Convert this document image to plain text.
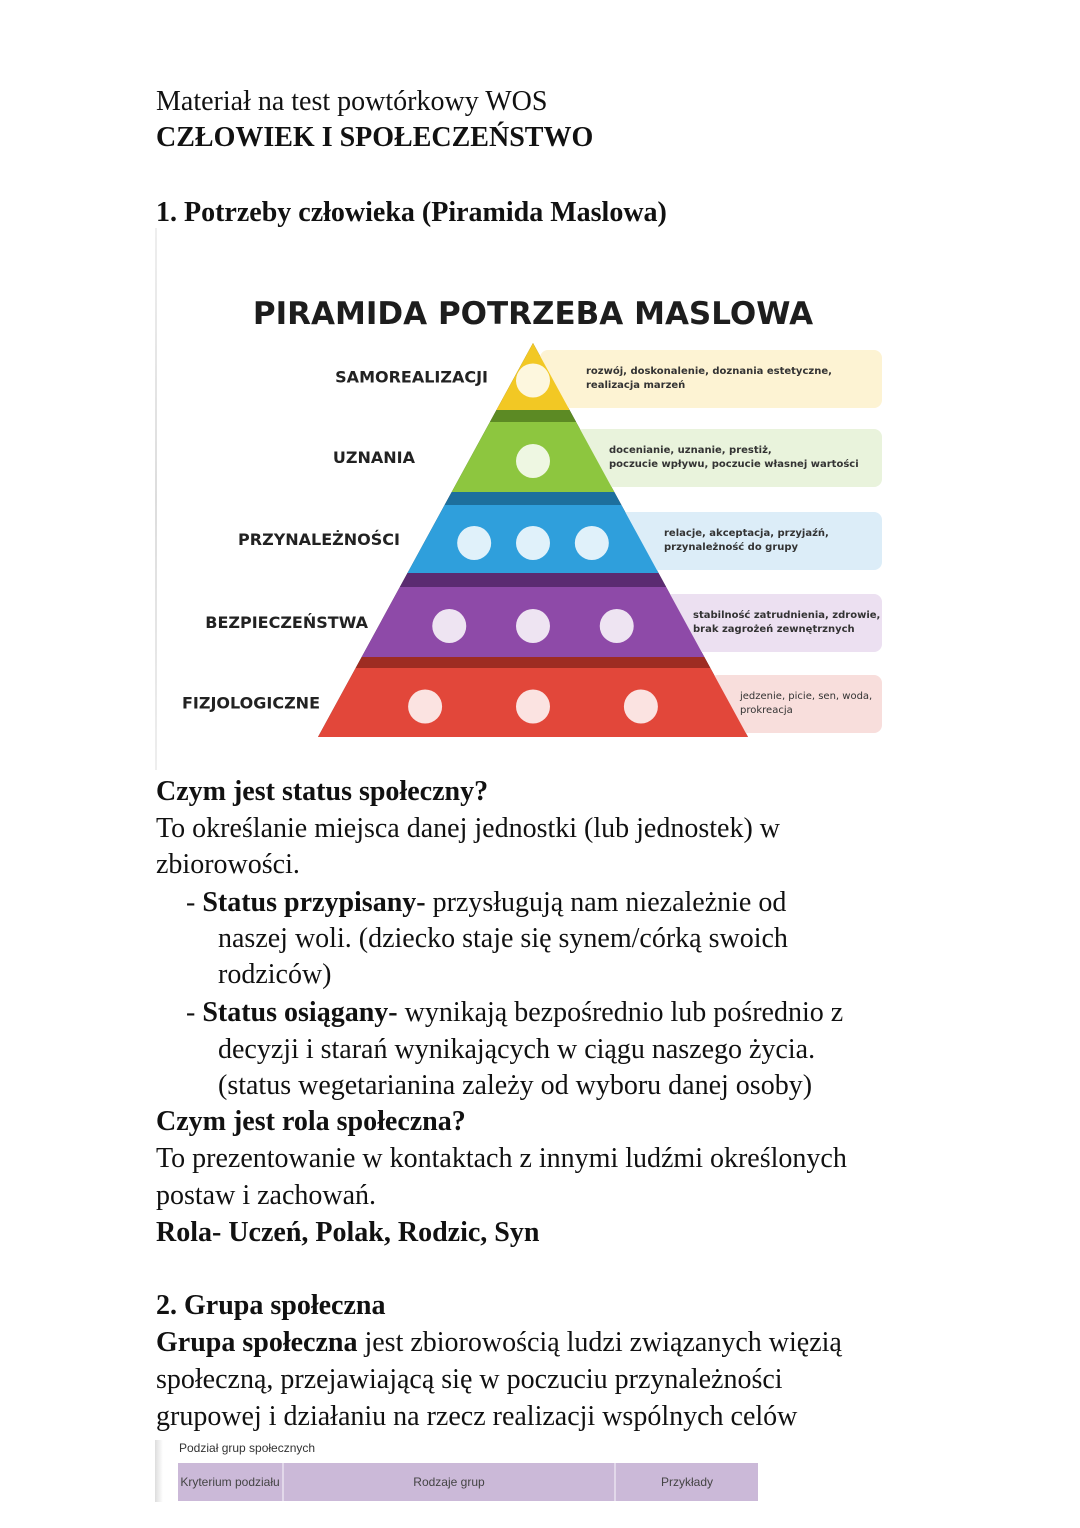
Materiał na test powtórkowy WOS
CZŁOWIEK I SPOŁECZEŃSTWO
1. Potrzeby człowieka (Piramida Maslowa)
PIRAMIDA POTRZEBA MASLOWA
SAMOREALIZACJI	rozwój, doskonalenie, doznania estetyczne,
realizacja marzeń
UZNANIA	docenianie, uznanie, prestiż,
poczucie wpływu, poczucie własnej wartości
PRZYNALEŻNOŚCI	relacje, akceptacja, przyjaźń,
przynależność do grupy
BEZPIECZEŃSTWA	stabilność zatrudnienia, zdrowie,
brak zagrożeń zewnętrznych
FIZJOLOGICZNE	jedzenie, picie, sen, woda,
prokreacja
Czym jest status społeczny?
To określanie miejsca danej jednostki (lub jednostek) w
zbiorowości.
- Status przypisany- przysługują nam niezależnie od
naszej woli. (dziecko staje się synem/córką swoich
rodziców)
- Status osiągany- wynikają bezpośrednio lub pośrednio z
decyzji i starań wynikających w ciągu naszego życia.
(status wegetarianina zależy od wyboru danej osoby)
Czym jest rola społeczna?
To prezentowanie w kontaktach z innymi ludźmi określonych
postaw i zachowań.
Rola- Uczeń, Polak, Rodzic, Syn
2. Grupa społeczna
Grupa społeczna jest zbiorowością ludzi związanych więzią
społeczną, przejawiającą się w poczuciu przynależności
grupowej i działaniu na rzecz realizacji wspólnych celów
Podział grup społecznych
Kryterium podziału	Rodzaje grup	Przykłady
